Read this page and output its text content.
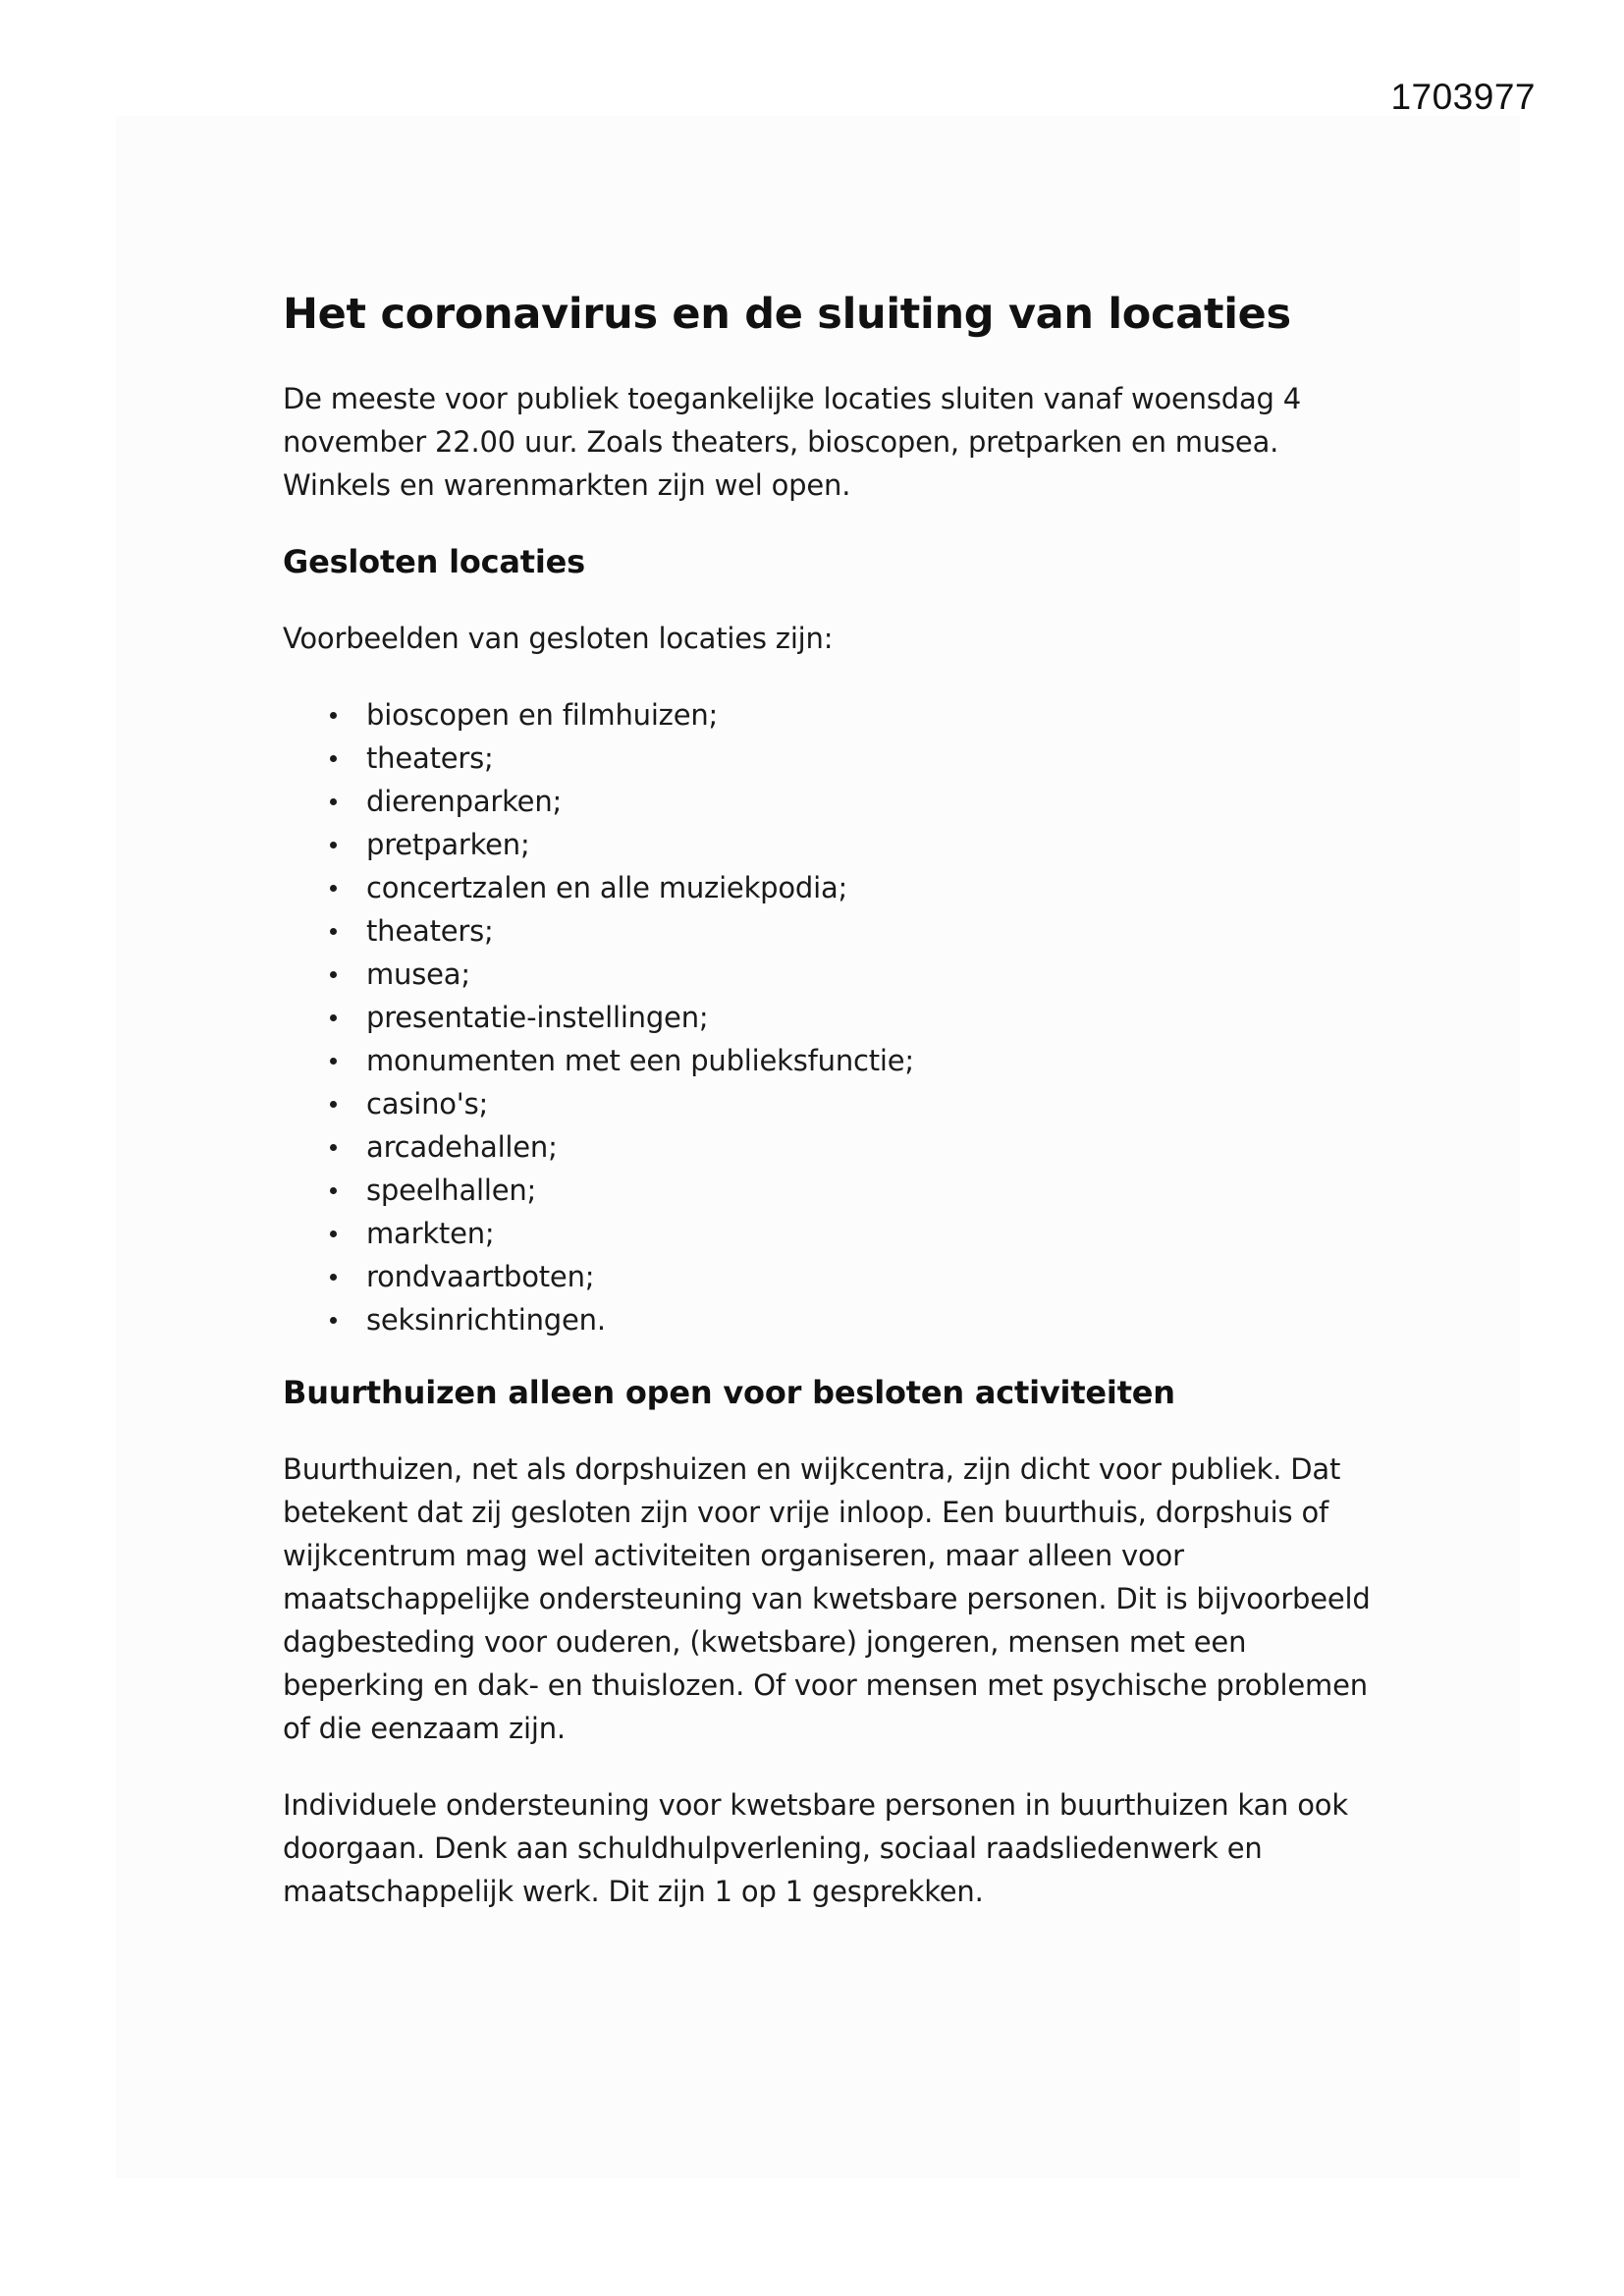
1703977
Het coronavirus en de sluiting van locaties

De meeste voor publiek toegankelijke locaties sluiten vanaf woensdag 4 november 22.00 uur. Zoals theaters, bioscopen, pretparken en musea. Winkels en warenmarkten zijn wel open.

Gesloten locaties

Voorbeelden van gesloten locaties zijn:

bioscopen en filmhuizen;
theaters;
dierenparken;
pretparken;
concertzalen en alle muziekpodia;
theaters;
musea;
presentatie-instellingen;
monumenten met een publieksfunctie;
casino's;
arcadehallen;
speelhallen;
markten;
rondvaartboten;
seksinrichtingen.
Buurthuizen alleen open voor besloten activiteiten

Buurthuizen, net als dorpshuizen en wijkcentra, zijn dicht voor publiek. Dat betekent dat zij gesloten zijn voor vrije inloop. Een buurthuis, dorpshuis of wijkcentrum mag wel activiteiten organiseren, maar alleen voor maatschappelijke ondersteuning van kwetsbare personen. Dit is bijvoorbeeld dagbesteding voor ouderen, (kwetsbare) jongeren, mensen met een beperking en dak- en thuislozen. Of voor mensen met psychische problemen of die eenzaam zijn.

Individuele ondersteuning voor kwetsbare personen in buurthuizen kan ook doorgaan. Denk aan schuldhulpverlening, sociaal raadsliedenwerk en maatschappelijk werk. Dit zijn 1 op 1 gesprekken.
